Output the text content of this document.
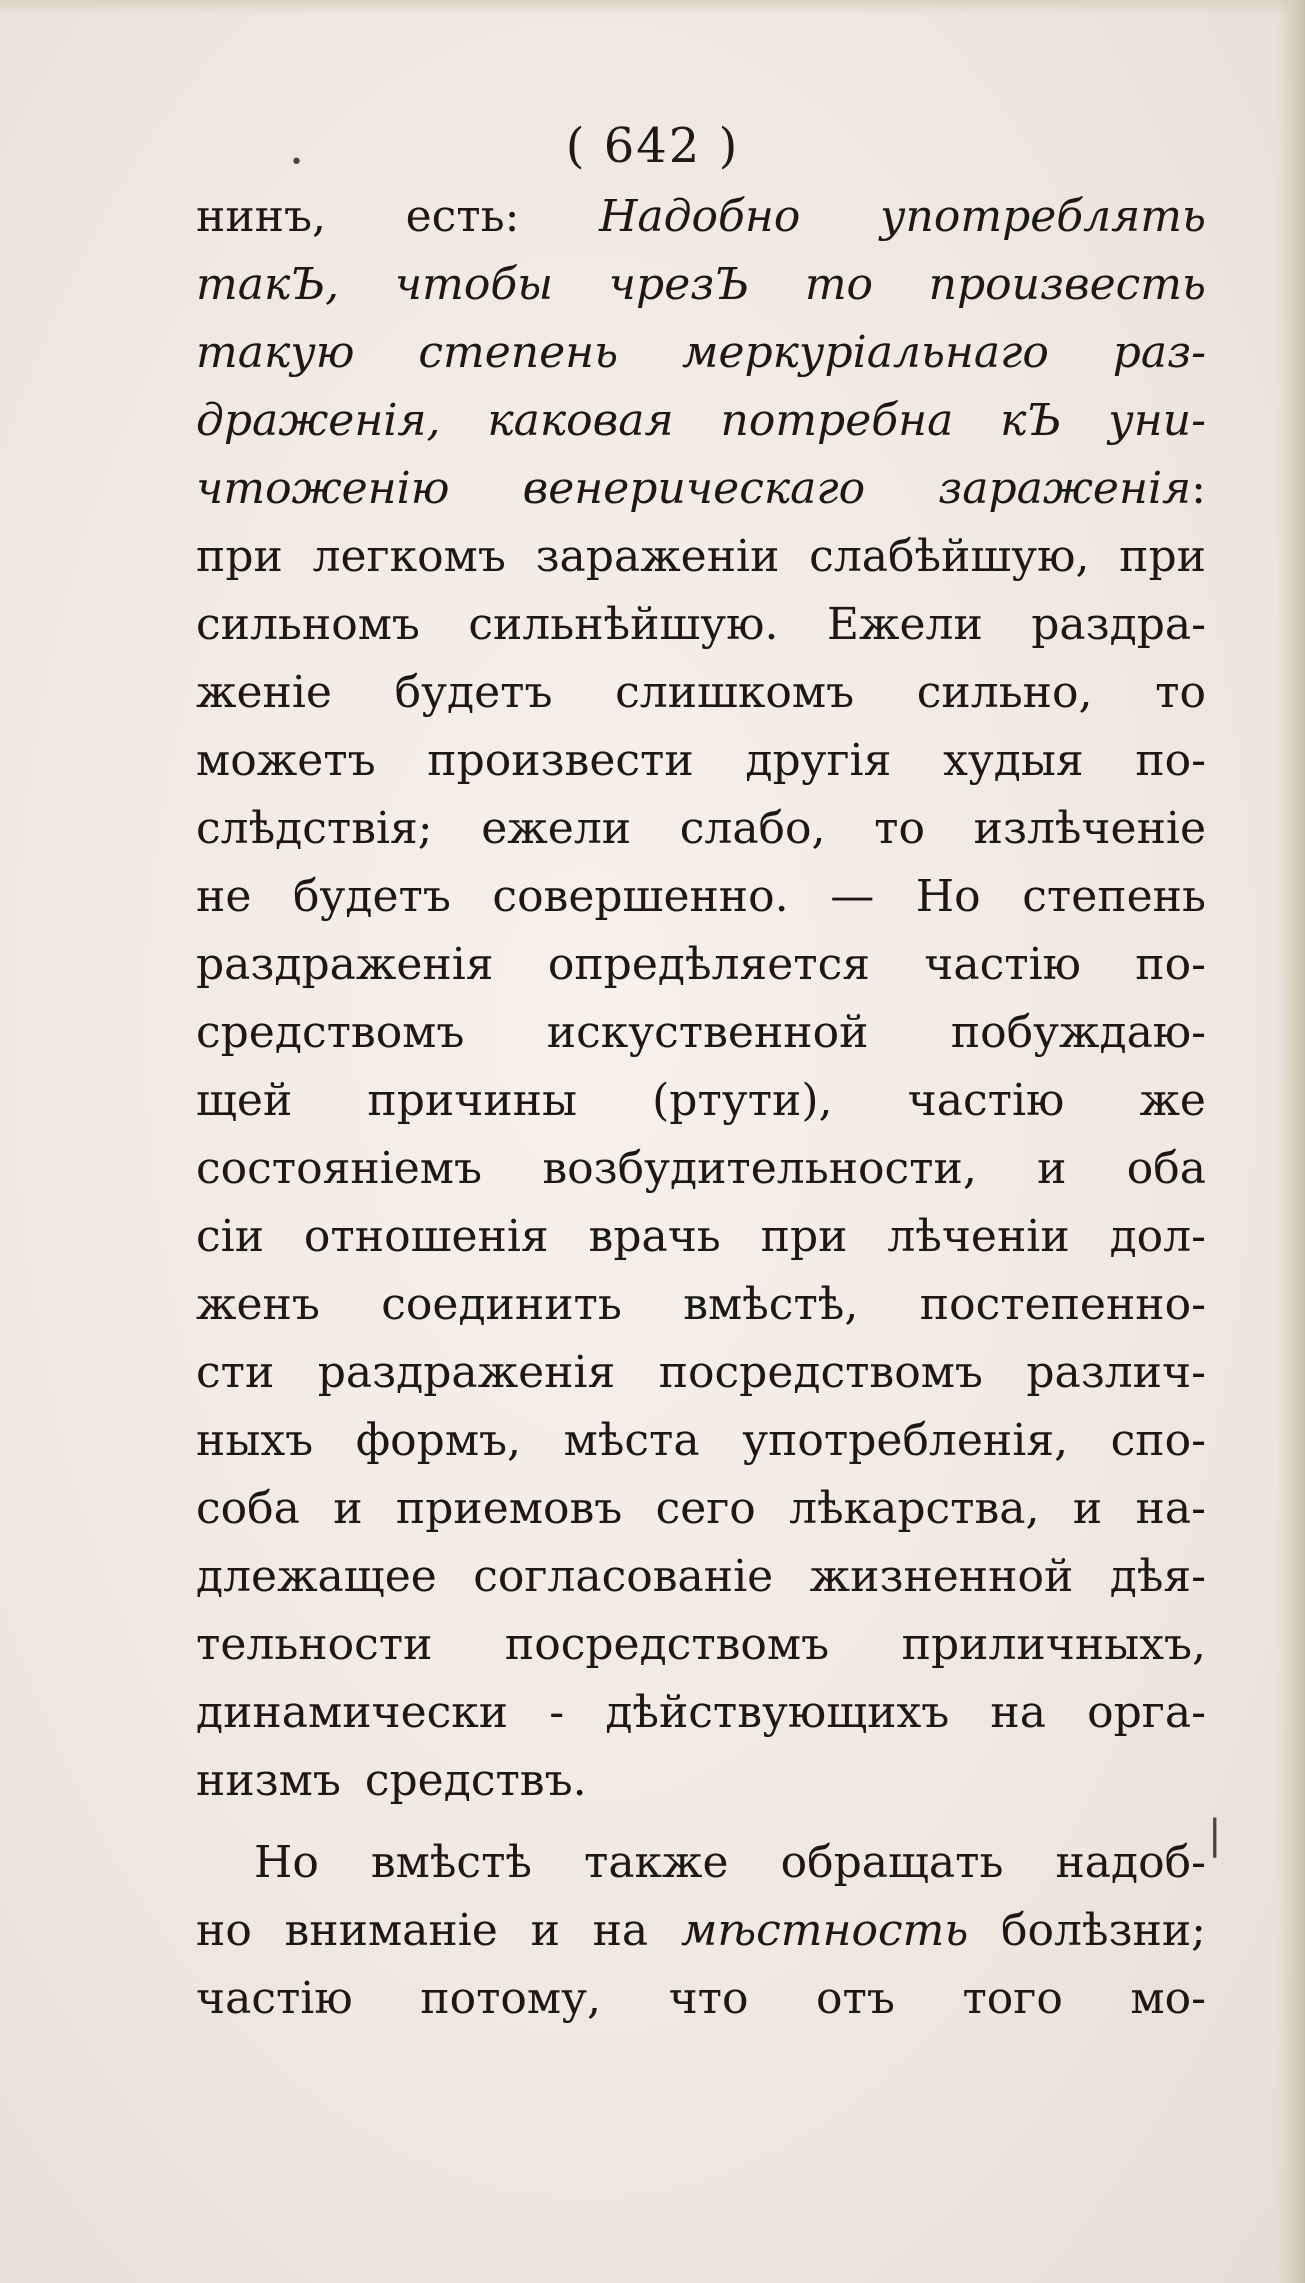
( 642 )
нинъ, есть: Надобно употреблять
такЪ, чтобы чрезЪ то произвесть
такую степень меркуріальнаго раз-
драженія, каковая потребна кЪ уни-
чтоженію венерическаго зараженія:
при легкомъ зараженіи слабѣйшую, при
сильномъ сильнѣйшую. Ежели раздра-
женіе будетъ слишкомъ сильно, то
можетъ произвести другія худыя по-
слѣдствія; ежели слабо, то излѣченіе
не будетъ совершенно. — Но степень
раздраженія опредѣляется частію по-
средствомъ искуственной побуждаю-
щей причины (ртути), частію же
состояніемъ возбудительности, и оба
сіи отношенія врачь при лѣченіи дол-
женъ соединить вмѣстѣ, постепенно-
сти раздраженія посредствомъ различ-
ныхъ формъ, мѣста употребленія, спо-
соба и приемовъ сего лѣкарства, и на-
длежащее согласованіе жизненной дѣя-
тельности посредствомъ приличныхъ,
динамически - дѣйствующихъ на орга-
низмъ средствъ.
Но вмѣстѣ также обращать надоб-
но вниманіе и на мѣстность болѣзни;
частію потому, что отъ того мо-
•
|
